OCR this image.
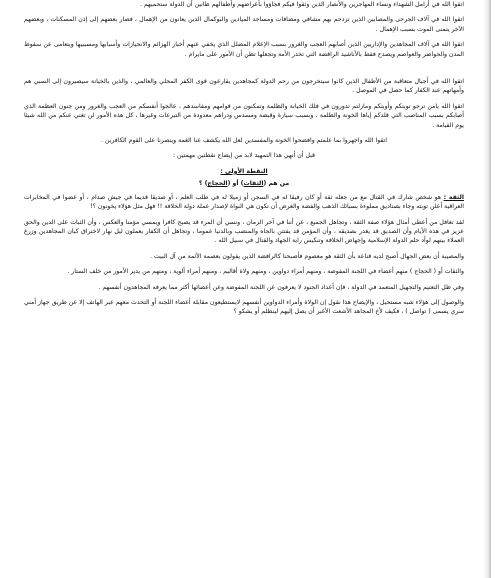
اتقوا الله في أرامل الشهداء ونساء المهاجرين والأنصار الذين وثقوا فيكم فجاؤوا بأعراضهم وأطفالهم ظانين أن الدولة ستحميهم .

اتقوا الله في آلاف الجرحى والمصابين الذين تزدحم بهم مشافي ومضافات ومساجد الميادين والبوكمال الذين يعانون من الإهمال ، فصار بعضهم إلى إذن المسكنات ، وبعضهم الآخر يتمنى الموت بسبب الإهمال .

اتقوا الله في آلاف المجاهدين والإداريين الذين أصابهم العجب والغرور بسبب الإعلام المضلل الذي يخفي عنهم أخبار الهزائم والانحيازات وأسبابها ومسببيها ويتعامى عن سقوط المدن والحواضر والعواصم ويصدح فقط بالأناشيد الرافضة التي تخدر الأمة وتجعلها تظن أن الأمور على مايرام .

اتقوا الله في أجيال متعاقبة من الأطفال الذين كانوا سيتخرجون من رحم الدولة كمجاهدين يقارعون قوى الكفر المحلي والعالمي ، والذين بالخيانة سيصيرون إلى السبي هم وأمهاتهم عند الكفار كما حصل في الموصل .

اتقوا الله يامن ترجو توبتكم وأوبتكم ومازلتم تدورون في فلك الخيانة والظلمة وتمكنون من قوامهم ومفاسدهم ، عالجوا أنفسكم من العجب والغرور ومن جنون العظمة الذي أصابكم بسبب المناصب التي قلدكم إياها الخونة والظلمة ، وبسبب سيارة وقبضة ومسدس ودراهم معدودة من التبرعات وغيرها ، كل هذه الأمور لن تغني عنكم من الله شيئا يوم القيامة .

اتقوا الله واجهروا بما علمتم وافضحوا الخونة والمفسدين لعل الله يكشف عنا الغمة وينصرنا على القوم الكافرين .

قبل أن أنهي هذا التمهيد لابد من إيضاح نقطتين مهمتين :

النقطة الأولى :
من هم (الثقات) أو (الحجاج) ؟

الثقة : هو شخص شارك في القتال مع من جعله ثقة أو كان رفيقا له في السجن أو زميلا له في طلب العلم ، أو صديقا قديما في جيش صدام ، أو عضوا في المخابرات العراقية أعلن توبته وجاء بصناديق مملوءة بسبائك الذهب والفضة والغرض أن تكون هي النواة لإصدار عملة دولة الخلافة !! فهل مثل هؤلاء يخونون ؟!

لقد تغافل من أعطى أمثال هؤلاء صفة الثقة ، وتجاهل الجميع ، عن أننا في آخر الزمان ، ونسي أن المرء قد يصبح كافرا ويمسي مؤمنا والعكس ، وأن الثبات على الدين والحق عزيز في هذه الأيام وأن الصديق قد يغدر بصديقه ، وأن المؤمن قد يفتتن بالجاه والمنصب وبالدنيا عموما ، وتجاهل أن الكفار يعملون ليل نهار لاختراق كيان المجاهدين وزرع العملاء بينهم لوأد حلم الدولة الإسلامية وإجهاض الخلافة وتنكيس راية الجهاد والقتال في سبيل الله .

والمصيبة أن بعض الجهال أصبح لديه قناعة بأن الثقة هو معصوم فأصبحنا كالرافضة الذين يقولون بعصمة الأئمة من آل البيت .

والثقات أو ( الحجاج ) منهم أعضاء في اللجنة المفوضة ، ومنهم أمراء دواوين ، ومنهم ولاة أقاليم ، ومنهم أمراء ألوية ، ومنهم من يدير الأمور من خلف الستار .

وفي ظل التعتيم والتجهيل المتعمد في الدولة ، فإن أعداد الجنود لا يعرفون عن اللجنة المفوضة وعن أعضائها أكثر مما يعرفه المجاهدون أنفسهم .

والوصول إلى هؤلاء شبه مستحيل ، والإيضاح هذا نقول إن الولاة وأمراء الدواوين أنفسهم لايستطيعون مقابلة أعضاء اللجنة أو التحدث معهم عبر الهاتف إلا عن طريق جهاز أمني سري يسمى ( تواصل ) ، فكيف لأخ المجاهد الأشعث الأغبر أن يصل إليهم لينظلم أو يشكو ؟
